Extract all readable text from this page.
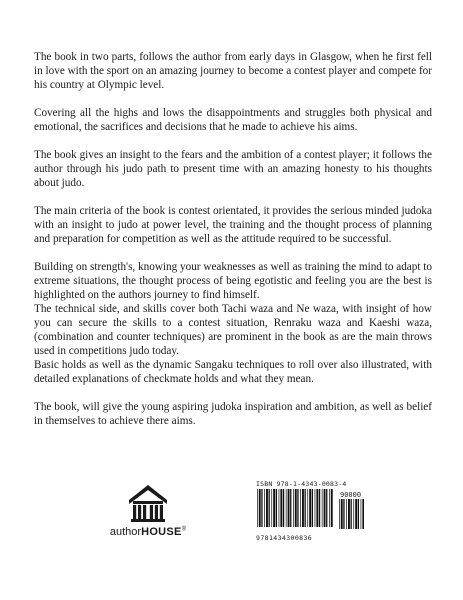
The book in two parts, follows the author from early days in Glasgow, when he first fell in love with the sport on an amazing journey to become a contest player and compete for his country at Olympic level.

Covering all the highs and lows the disappointments and struggles both physical and emotional, the sacrifices and decisions that he made to achieve his aims.

The book gives an insight to the fears and the ambition of a contest player; it follows the author through his judo path to present time with an amazing honesty to his thoughts about judo.

The main criteria of the book is contest orientated, it provides the serious minded judoka with an insight to judo at power level, the training and the thought process of planning and preparation for competition as well as the attitude required to be successful.

Building on strength's, knowing your weaknesses as well as training the mind to adapt to extreme situations, the thought process of being egotistic and feeling you are the best is highlighted on the authors journey to find himself.

The technical side, and skills cover both Tachi waza and Ne waza, with insight of how you can secure the skills to a contest situation, Renraku waza and Kaeshi waza, (combination and counter techniques) are prominent in the book as are the main throws used in competitions judo today.

Basic holds as well as the dynamic Sangaku techniques to roll over also illustrated, with detailed explanations of checkmate holds and what they mean.

The book, will give the young aspiring judoka inspiration and ambition, as well as belief in themselves to achieve there aims.

authorHOUSE®
ISBN 978-1-4343-0083-4
90000
9781434300836
